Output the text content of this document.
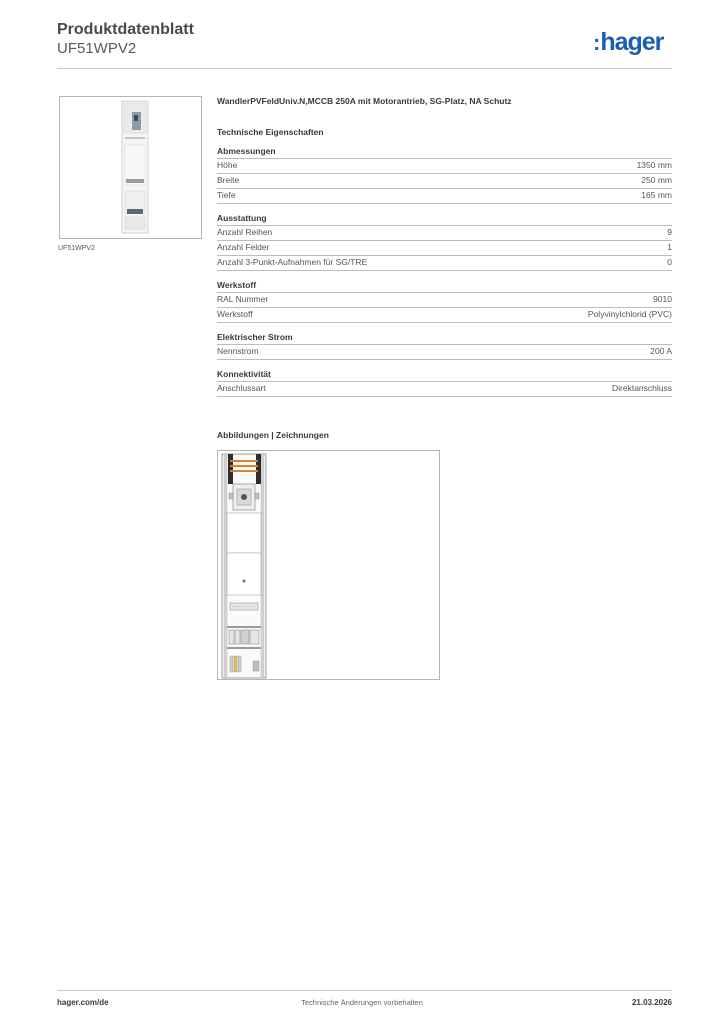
Produktdatenblatt
UF51WPV2	:hager
UF51WPV2
WandlerPVFeldUniv.N,MCCB 250A mit Motorantrieb, SG-Platz, NA Schutz
Technische Eigenschaften
Abmessungen
Höhe	1350 mm
Breite	250 mm
Tiefe	165 mm
Ausstattung
Anzahl Reihen	9
Anzahl Felder	1
Anzahl 3-Punkt-Aufnahmen für SG/TRE	0
Werkstoff
RAL Nummer	9010
Werkstoff	Polyvinylchlorid (PVC)
Elektrischer Strom
Nennstrom	200 A
Konnektivität
Anschlussart	Direktanschluss
Abbildungen | Zeichnungen
hager.com/de	Technische Änderungen vorbehalten	21.03.2026
